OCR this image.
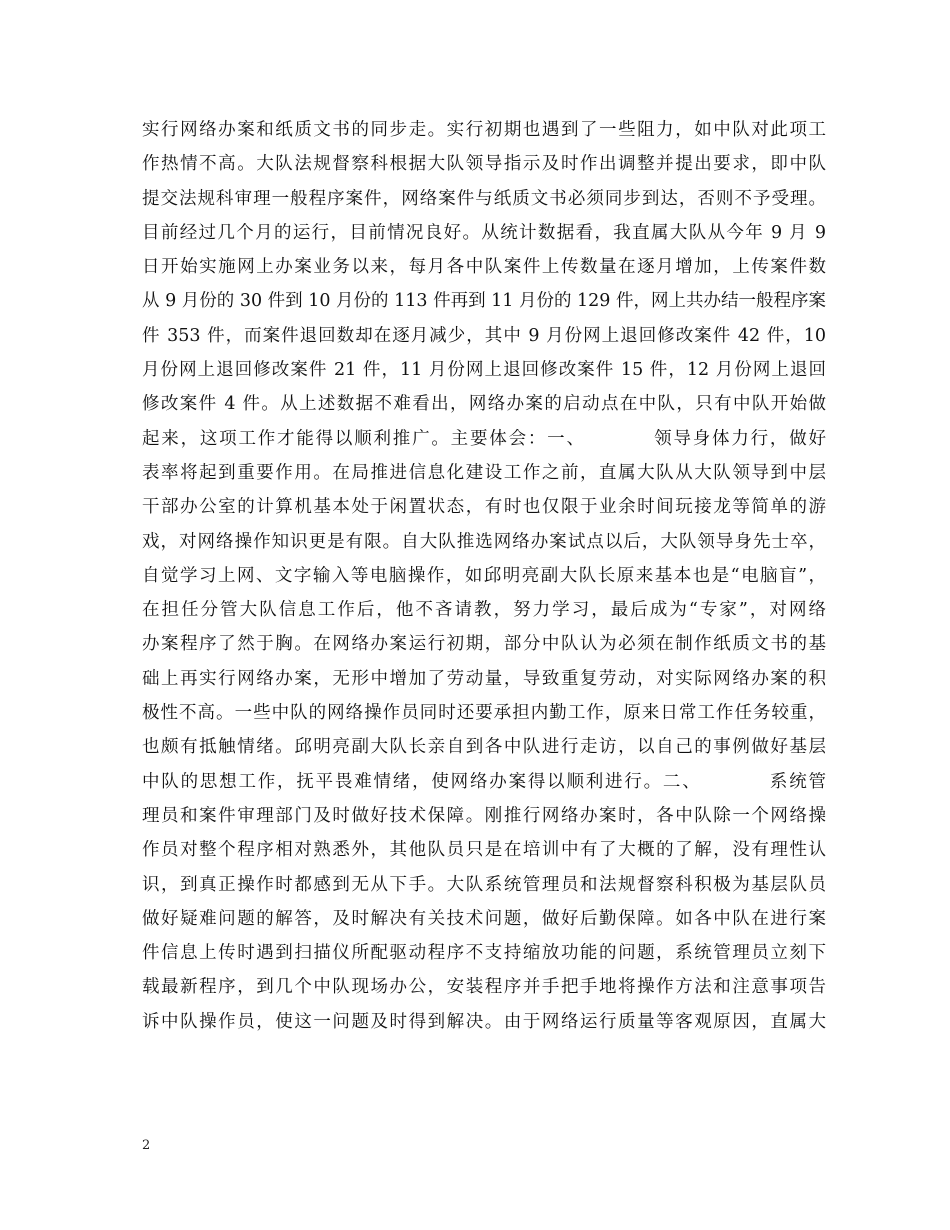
实行网络办案和纸质文书的同步走。实行初期也遇到了一些阻力，如中队对此项工
作热情不高。大队法规督察科根据大队领导指示及时作出调整并提出要求，即中队
提交法规科审理一般程序案件，网络案件与纸质文书必须同步到达，否则不予受理。
目前经过几个月的运行，目前情况良好。从统计数据看，我直属大队从今年 9 月 9
日开始实施网上办案业务以来，每月各中队案件上传数量在逐月增加，上传案件数
从 9 月份的 30 件到 10 月份的 113 件再到 11 月份的 129 件，网上共办结一般程序案
件 353 件，而案件退回数却在逐月减少，其中 9 月份网上退回修改案件 42 件，10
月份网上退回修改案件 21 件，11 月份网上退回修改案件 15 件，12 月份网上退回
修改案件 4 件。从上述数据不难看出，网络办案的启动点在中队，只有中队开始做
起来，这项工作才能得以顺利推广。主要体会：一、　　　　领导身体力行，做好
表率将起到重要作用。在局推进信息化建设工作之前，直属大队从大队领导到中层
干部办公室的计算机基本处于闲置状态，有时也仅限于业余时间玩接龙等简单的游
戏，对网络操作知识更是有限。自大队推选网络办案试点以后，大队领导身先士卒，
自觉学习上网、文字输入等电脑操作，如邱明亮副大队长原来基本也是“电脑盲”，
在担任分管大队信息工作后，他不吝请教，努力学习，最后成为“专家”，对网络
办案程序了然于胸。在网络办案运行初期，部分中队认为必须在制作纸质文书的基
础上再实行网络办案，无形中增加了劳动量，导致重复劳动，对实际网络办案的积
极性不高。一些中队的网络操作员同时还要承担内勤工作，原来日常工作任务较重，
也颇有抵触情绪。邱明亮副大队长亲自到各中队进行走访，以自己的事例做好基层
中队的思想工作，抚平畏难情绪，使网络办案得以顺利进行。二、　　　　系统管
理员和案件审理部门及时做好技术保障。刚推行网络办案时，各中队除一个网络操
作员对整个程序相对熟悉外，其他队员只是在培训中有了大概的了解，没有理性认
识，到真正操作时都感到无从下手。大队系统管理员和法规督察科积极为基层队员
做好疑难问题的解答，及时解决有关技术问题，做好后勤保障。如各中队在进行案
件信息上传时遇到扫描仪所配驱动程序不支持缩放功能的问题，系统管理员立刻下
载最新程序，到几个中队现场办公，安装程序并手把手地将操作方法和注意事项告
诉中队操作员，使这一问题及时得到解决。由于网络运行质量等客观原因，直属大
2
